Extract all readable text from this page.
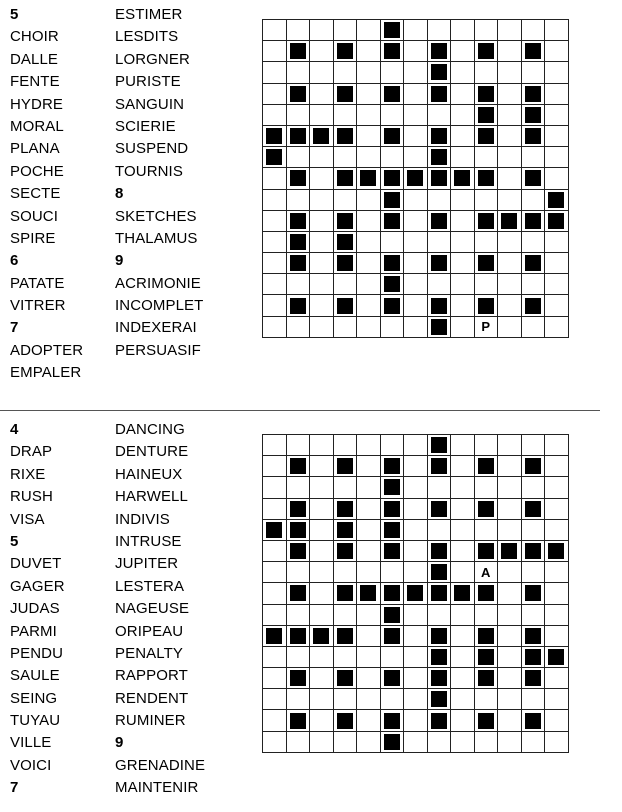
5
CHOIR
DALLE
FENTE
HYDRE
MORAL
PLANA
POCHE
SECTE
SOUCI
SPIRE
6
PATATE
VITRER
7
ADOPTER
EMPALER
ESTIMER
LESDITS
LORGNER
PURISTE
SANGUIN
SCIERIE
SUSPEND
TOURNIS
8
SKETCHES
THALAMUS
9
ACRIMONIE
INCOMPLET
INDEXERAI
PERSUASIF

		P			
4
DRAP
RIXE
RUSH
VISA
5
DUVET
GAGER
JUDAS
PARMI
PENDU
SAULE
SEING
TUYAU
VILLE
VOICI
7
DANCING
DENTURE
HAINEUX
HARWELL
INDIVIS
INTRUSE
JUPITER
LESTERA
NAGEUSE
ORIPEAU
PENALTY
RAPPORT
RENDENT
RUMINER
9
GRENADINE
MAINTENIR

		A			
